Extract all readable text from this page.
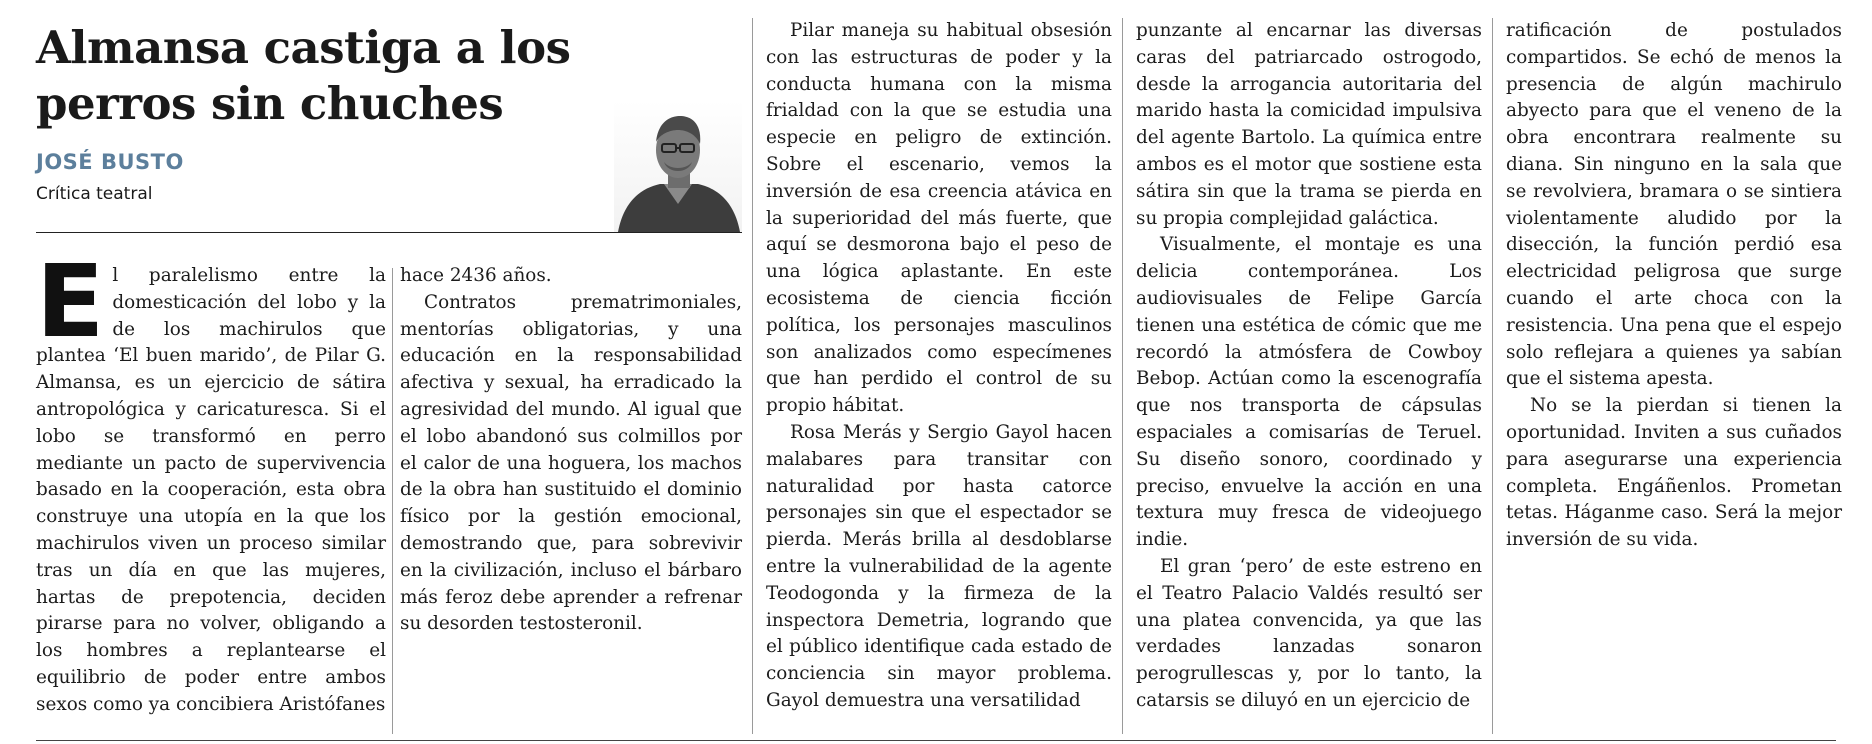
Almansa castiga a los perros sin chuches
JOSÉ BUSTO
Crítica teatral

El paralelismo entre la domesticación del lobo y la de los machirulos que plantea ‘El buen marido’, de Pilar G. Almansa, es un ejercicio de sátira antropológica y caricaturesca. Si el lobo se transformó en perro mediante un pacto de supervivencia basado en la cooperación, esta obra construye una utopía en la que los machirulos viven un proceso similar tras un día en que las mujeres, hartas de prepotencia, deciden pirarse para no volver, obligando a los hombres a replantearse el equilibrio de poder entre ambos sexos como ya concibiera Aristófanes

hace 2436 años.

Contratos prematrimoniales, mentorías obligatorias, y una educación en la responsabilidad afectiva y sexual, ha erradicado la agresividad del mundo. Al igual que el lobo abandonó sus colmillos por el calor de una hoguera, los machos de la obra han sustituido el dominio físico por la gestión emocional, demostrando que, para sobrevivir en la civilización, incluso el bárbaro más feroz debe aprender a refrenar su desorden testosteronil.

Pilar maneja su habitual obsesión con las estructuras de poder y la conducta humana con la misma frialdad con la que se estudia una especie en peligro de extinción. Sobre el escenario, vemos la inversión de esa creencia atávica en la superioridad del más fuerte, que aquí se desmorona bajo el peso de una lógica aplastante. En este ecosistema de ciencia ficción política, los personajes masculinos son analizados como especímenes que han perdido el control de su propio hábitat.

Rosa Merás y Sergio Gayol hacen malabares para transitar con naturalidad por hasta catorce personajes sin que el espectador se pierda. Merás brilla al desdoblarse entre la vulnerabilidad de la agente Teodogonda y la firmeza de la inspectora Demetria, logrando que el público identifique cada estado de conciencia sin mayor problema. Gayol demuestra una versatilidad

punzante al encarnar las diversas caras del patriarcado ostrogodo, desde la arrogancia autoritaria del marido hasta la comicidad impulsiva del agente Bartolo. La química entre ambos es el motor que sostiene esta sátira sin que la trama se pierda en su propia complejidad galáctica.

Visualmente, el montaje es una delicia contemporánea. Los audiovisuales de Felipe García tienen una estética de cómic que me recordó la atmósfera de Cowboy Bebop. Actúan como la escenografía que nos transporta de cápsulas espaciales a comisarías de Teruel. Su diseño sonoro, coordinado y preciso, envuelve la acción en una textura muy fresca de videojuego indie.

El gran ‘pero’ de este estreno en el Teatro Palacio Valdés resultó ser una platea convencida, ya que las verdades lanzadas sonaron perogrullescas y, por lo tanto, la catarsis se diluyó en un ejercicio de

ratificación de postulados compartidos. Se echó de menos la presencia de algún machirulo abyecto para que el veneno de la obra encontrara realmente su diana. Sin ninguno en la sala que se revolviera, bramara o se sintiera violentamente aludido por la disección, la función perdió esa electricidad peligrosa que surge cuando el arte choca con la resistencia. Una pena que el espejo solo reflejara a quienes ya sabían que el sistema apesta.

No se la pierdan si tienen la oportunidad. Inviten a sus cuñados para asegurarse una experiencia completa. Engáñenlos. Prometan tetas. Háganme caso. Será la mejor inversión de su vida.
